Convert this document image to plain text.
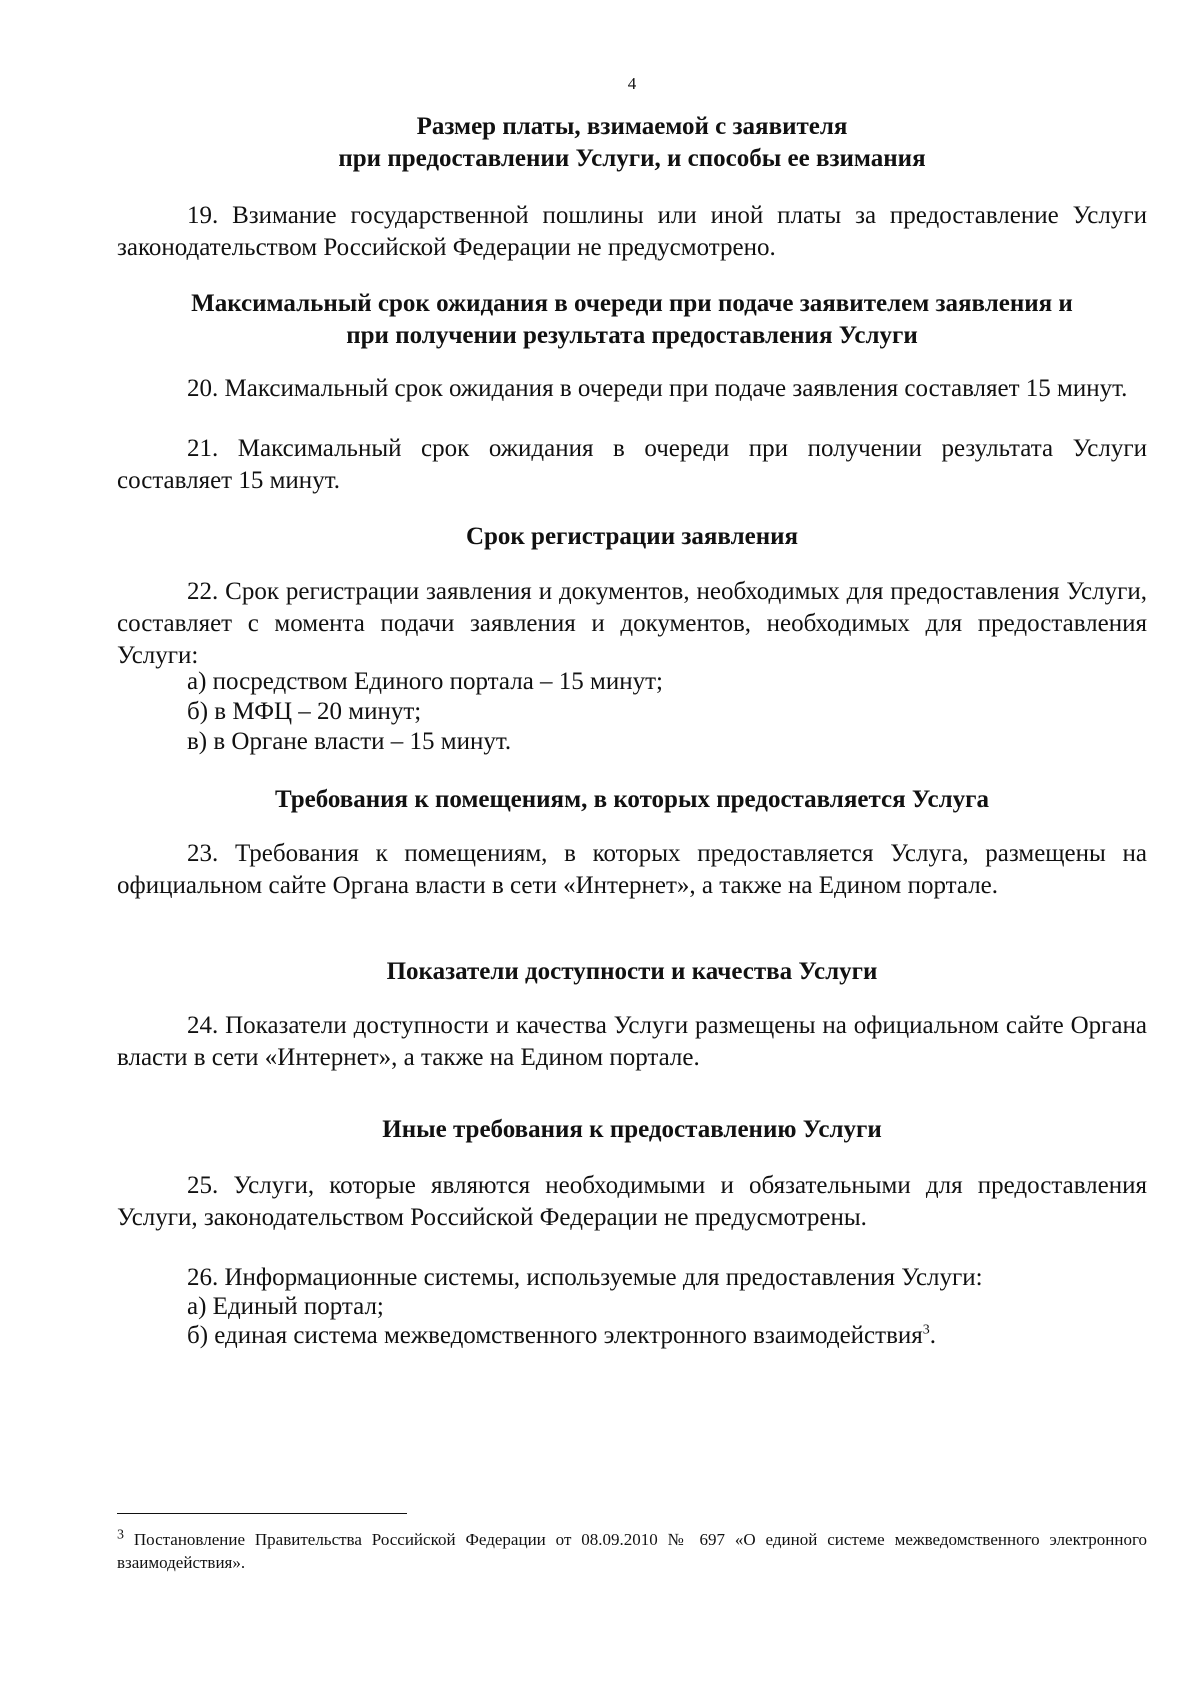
4
Размер платы, взимаемой с заявителя
при предоставлении Услуги, и способы ее взимания
19. Взимание государственной пошлины или иной платы за предоставление Услуги законодательством Российской Федерации не предусмотрено.
Максимальный срок ожидания в очереди при подаче заявителем заявления и
при получении результата предоставления Услуги
20. Максимальный срок ожидания в очереди при подаче заявления составляет 15 минут.
21. Максимальный срок ожидания в очереди при получении результата Услуги составляет 15 минут.
Срок регистрации заявления
22. Срок регистрации заявления и документов, необходимых для предоставления Услуги, составляет с момента подачи заявления и документов, необходимых для предоставления Услуги:
а) посредством Единого портала – 15 минут;
б) в МФЦ – 20 минут;
в) в Органе власти – 15 минут.
Требования к помещениям, в которых предоставляется Услуга
23. Требования к помещениям, в которых предоставляется Услуга, размещены на официальном сайте Органа власти в сети «Интернет», а также на Едином портале.
Показатели доступности и качества Услуги
24. Показатели доступности и качества Услуги размещены на официальном сайте Органа власти в сети «Интернет», а также на Едином портале.
Иные требования к предоставлению Услуги
25. Услуги, которые являются необходимыми и обязательными для предоставления Услуги, законодательством Российской Федерации не предусмотрены.
26. Информационные системы, используемые для предоставления Услуги:
а) Единый портал;
б) единая система межведомственного электронного взаимодействия$^3$.
$^3$ Постановление Правительства Российской Федерации от 08.09.2010 № 697 «О единой системе межведомственного электронного взаимодействия».
